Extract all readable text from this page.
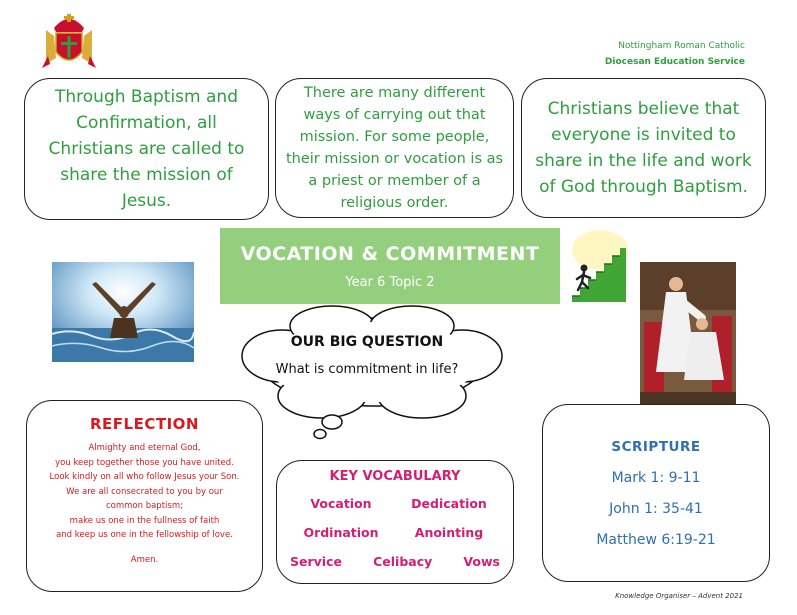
Nottingham Roman Catholic
Diocesan Education Service
Through Baptism and Confirmation, all Christians are called to share the mission of Jesus.
There are many different ways of carrying out that mission. For some people, their mission or vocation is as a priest or member of a religious order.
Christians believe that everyone is invited to share in the life and work of God through Baptism.
VOCATION & COMMITMENT
Year 6 Topic 2
OUR BIG QUESTION
What is commitment in life?
REFLECTION
Almighty and eternal God,
you keep together those you have united.
Look kindly on all who follow Jesus your Son.
We are all consecrated to you by our
common baptism;
make us one in the fullness of faith
and keep us one in the fellowship of love.
Amen.
KEY VOCABULARY
Vocation	Dedication
Ordination	Anointing
Service Celibacy Vows
SCRIPTURE
Mark 1: 9-11
John 1: 35-41
Matthew 6:19-21
Knowledge Organiser – Advent 2021
